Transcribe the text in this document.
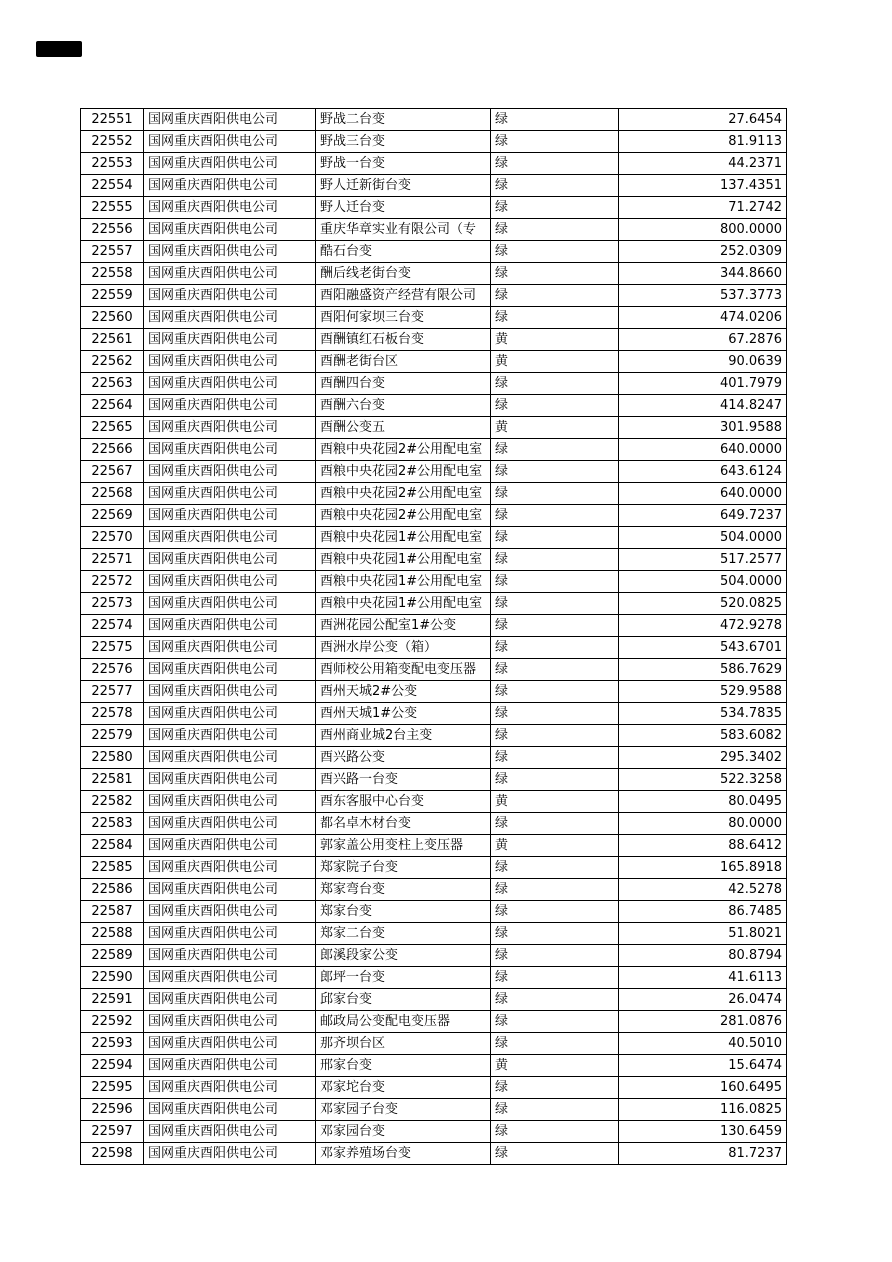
22551	国网重庆酉阳供电公司	野战二台变	绿	27.6454
22552	国网重庆酉阳供电公司	野战三台变	绿	81.9113
22553	国网重庆酉阳供电公司	野战一台变	绿	44.2371
22554	国网重庆酉阳供电公司	野人迁新街台变	绿	137.4351
22555	国网重庆酉阳供电公司	野人迁台变	绿	71.2742
22556	国网重庆酉阳供电公司	重庆华章实业有限公司（专	绿	800.0000
22557	国网重庆酉阳供电公司	酷石台变	绿	252.0309
22558	国网重庆酉阳供电公司	酬后线老街台变	绿	344.8660
22559	国网重庆酉阳供电公司	酉阳融盛资产经营有限公司	绿	537.3773
22560	国网重庆酉阳供电公司	酉阳何家坝三台变	绿	474.0206
22561	国网重庆酉阳供电公司	酉酬镇红石板台变	黄	67.2876
22562	国网重庆酉阳供电公司	酉酬老街台区	黄	90.0639
22563	国网重庆酉阳供电公司	酉酬四台变	绿	401.7979
22564	国网重庆酉阳供电公司	酉酬六台变	绿	414.8247
22565	国网重庆酉阳供电公司	酉酬公变五	黄	301.9588
22566	国网重庆酉阳供电公司	酉粮中央花园2#公用配电室	绿	640.0000
22567	国网重庆酉阳供电公司	酉粮中央花园2#公用配电室	绿	643.6124
22568	国网重庆酉阳供电公司	酉粮中央花园2#公用配电室	绿	640.0000
22569	国网重庆酉阳供电公司	酉粮中央花园2#公用配电室	绿	649.7237
22570	国网重庆酉阳供电公司	酉粮中央花园1#公用配电室	绿	504.0000
22571	国网重庆酉阳供电公司	酉粮中央花园1#公用配电室	绿	517.2577
22572	国网重庆酉阳供电公司	酉粮中央花园1#公用配电室	绿	504.0000
22573	国网重庆酉阳供电公司	酉粮中央花园1#公用配电室	绿	520.0825
22574	国网重庆酉阳供电公司	酉洲花园公配室1#公变	绿	472.9278
22575	国网重庆酉阳供电公司	酉洲水岸公变（箱）	绿	543.6701
22576	国网重庆酉阳供电公司	酉师校公用箱变配电变压器	绿	586.7629
22577	国网重庆酉阳供电公司	酉州天城2#公变	绿	529.9588
22578	国网重庆酉阳供电公司	酉州天城1#公变	绿	534.7835
22579	国网重庆酉阳供电公司	酉州商业城2台主变	绿	583.6082
22580	国网重庆酉阳供电公司	酉兴路公变	绿	295.3402
22581	国网重庆酉阳供电公司	酉兴路一台变	绿	522.3258
22582	国网重庆酉阳供电公司	酉东客服中心台变	黄	80.0495
22583	国网重庆酉阳供电公司	都名卓木材台变	绿	80.0000
22584	国网重庆酉阳供电公司	郭家盖公用变柱上变压器	黄	88.6412
22585	国网重庆酉阳供电公司	郑家院子台变	绿	165.8918
22586	国网重庆酉阳供电公司	郑家弯台变	绿	42.5278
22587	国网重庆酉阳供电公司	郑家台变	绿	86.7485
22588	国网重庆酉阳供电公司	郑家二台变	绿	51.8021
22589	国网重庆酉阳供电公司	郎溪段家公变	绿	80.8794
22590	国网重庆酉阳供电公司	郎坪一台变	绿	41.6113
22591	国网重庆酉阳供电公司	邱家台变	绿	26.0474
22592	国网重庆酉阳供电公司	邮政局公变配电变压器	绿	281.0876
22593	国网重庆酉阳供电公司	那齐坝台区	绿	40.5010
22594	国网重庆酉阳供电公司	邢家台变	黄	15.6474
22595	国网重庆酉阳供电公司	邓家坨台变	绿	160.6495
22596	国网重庆酉阳供电公司	邓家园子台变	绿	116.0825
22597	国网重庆酉阳供电公司	邓家园台变	绿	130.6459
22598	国网重庆酉阳供电公司	邓家养殖场台变	绿	81.7237
